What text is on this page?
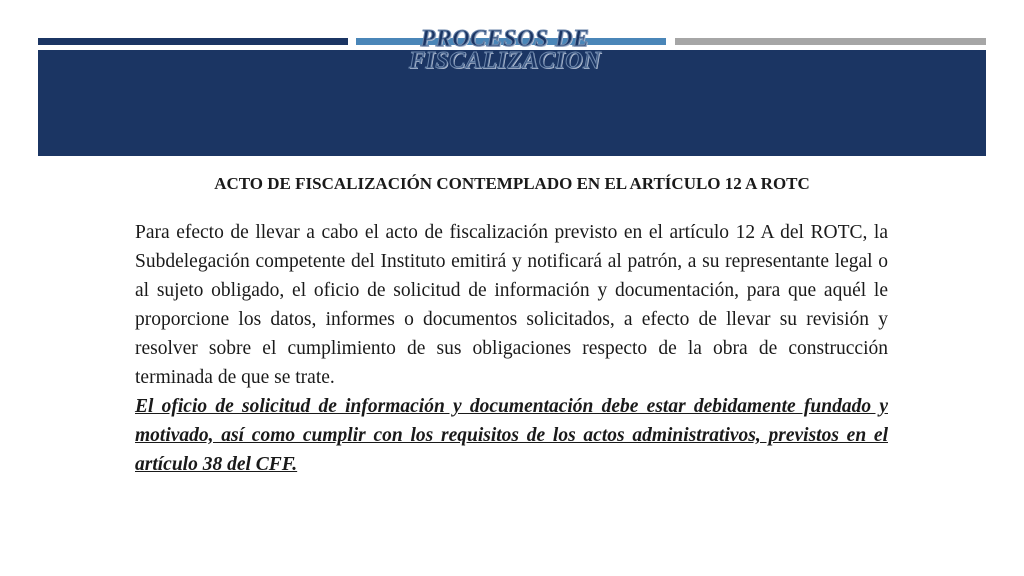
PROCESOS DE
FISCALIZACION
ACTO DE FISCALIZACIÓN CONTEMPLADO EN EL ARTÍCULO 12 A ROTC

Para efecto de llevar a cabo el acto de fiscalización previsto en el artículo 12 A del ROTC, la Subdelegación competente del Instituto emitirá y notificará al patrón, a su representante legal o al sujeto obligado, el oficio de solicitud de información y documentación, para que aquél le proporcione los datos, informes o documentos solicitados, a efecto de llevar su revisión y resolver sobre el cumplimiento de sus obligaciones respecto de la obra de construcción terminada de que se trate.

El oficio de solicitud de información y documentación debe estar debidamente fundado y motivado, así como cumplir con los requisitos de los actos administrativos, previstos en el artículo 38 del CFF.
